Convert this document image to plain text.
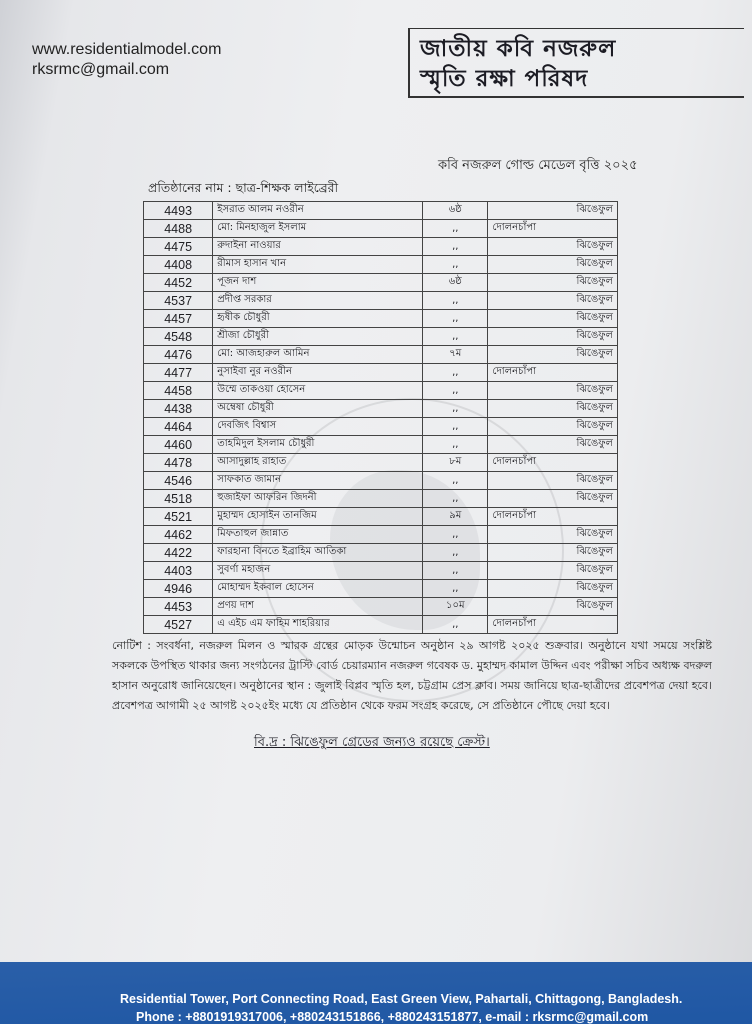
www.residentialmodel.com
rksrmc@gmail.com
জাতীয় কবি নজরুল
স্মৃতি রক্ষা পরিষদ
কবি নজরুল গোল্ড মেডেল বৃত্তি ২০২৫
প্রতিষ্ঠানের নাম : ছাত্র-শিক্ষক লাইব্রেরী
4493	ইসরাত আলম নওরীন	৬ষ্ঠ	ঝিঙেফুল
4488	মো: মিনহাজুল ইসলাম	,,	দোলনচাঁপা
4475	রুদাইনা নাওয়ার	,,	ঝিঙেফুল
4408	রীমাস হাসান খান	,,	ঝিঙেফুল
4452	পূজন দাশ	৬ষ্ঠ	ঝিঙেফুল
4537	প্রদীপ্ত সরকার	,,	ঝিঙেফুল
4457	হৃষীক চৌধুরী	,,	ঝিঙেফুল
4548	শ্রীজা চৌধুরী	,,	ঝিঙেফুল
4476	মো: আজহারুল আমিন	৭ম	ঝিঙেফুল
4477	নুসাইবা নুর নওরীন	,,	দোলনচাঁপা
4458	উম্মে তাকওয়া হোসেন	,,	ঝিঙেফুল
4438	অম্বেষা চৌধুরী	,,	ঝিঙেফুল
4464	দেবজিৎ বিশ্বাস	,,	ঝিঙেফুল
4460	তাহমিদুল ইসলাম চৌধুরী	,,	ঝিঙেফুল
4478	আসাদুল্লাহ রাহাত	৮ম	দোলনচাঁপা
4546	সাফকাত জামান	,,	ঝিঙেফুল
4518	হুজাইফা আফরিন জিদনী	,,	ঝিঙেফুল
4521	মুহাম্মদ হোসাইন তানজিম	৯ম	দোলনচাঁপা
4462	মিফতাহুল জান্নাত	,,	ঝিঙেফুল
4422	ফারহানা বিনতে ইব্রাহিম আতিকা	,,	ঝিঙেফুল
4403	সুবর্ণা মহাজন	,,	ঝিঙেফুল
4946	মোহাম্মদ ইকবাল হোসেন	,,	ঝিঙেফুল
4453	প্রণয় দাশ	১০ম	ঝিঙেফুল
4527	এ এইচ এম ফাহিম শাহরিয়ার	,,	দোলনচাঁপা
নোটিশ : সংবর্ধনা, নজরুল মিলন ও স্মারক গ্রন্থের মোড়ক উন্মোচন অনুষ্ঠান ২৯ আগষ্ট ২০২৫ শুক্রবার। অনুষ্ঠানে যথা সময়ে সংশ্লিষ্ট সকলকে উপস্থিত থাকার জন্য সংগঠনের ট্রাস্টি বোর্ড চেয়ারম্যান নজরুল গবেষক ড. মুহাম্মদ কামাল উদ্দিন এবং পরীক্ষা সচিব অধ্যক্ষ বদরুল হাসান অনুরোধ জানিয়েছেন। অনুষ্ঠানের স্থান : জুলাই বিপ্লব স্মৃতি হল, চট্টগ্রাম প্রেস ক্লাব। সময় জানিয়ে ছাত্র-ছাত্রীদের প্রবেশপত্র দেয়া হবে। প্রবেশপত্র আগামী ২৫ আগষ্ট ২০২৫ইং মধ্যে যে প্রতিষ্ঠান থেকে ফরম সংগ্রহ করেছে, সে প্রতিষ্ঠানে পৌছে দেয়া হবে।
বি.দ্র : ঝিঙেফুল গ্রেডের জন্যও রয়েছে ক্রেস্ট।
Residential Tower, Port Connecting Road, East Green View, Pahartali, Chittagong, Bangladesh.
Phone : +8801919317006, +880243151866, +880243151877, e-mail : rksrmc@gmail.com
